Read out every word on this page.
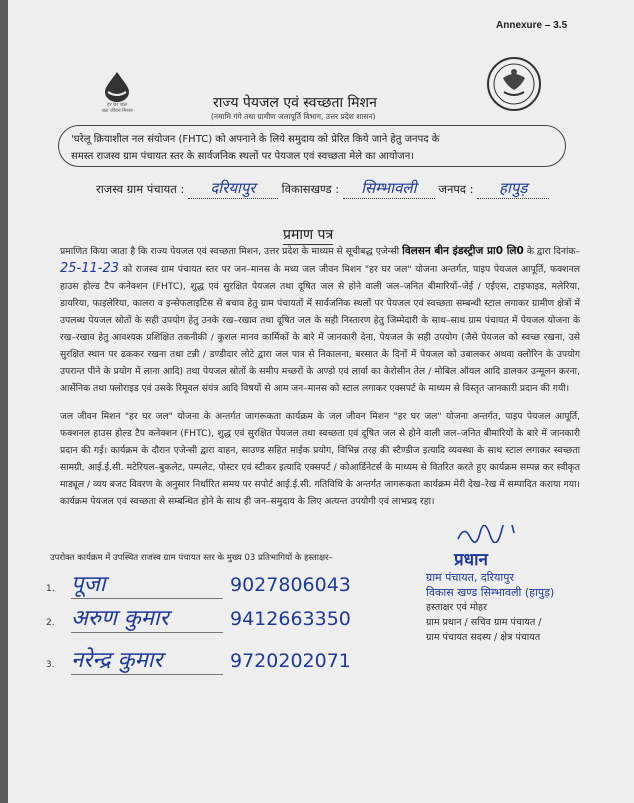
Annexure – 3.5
हर घर जल
जल जीवन मिशन	राज्य पेयजल एवं स्वच्छता मिशन
(नमामि गंगे तथा ग्रामीण जलापूर्ति विभाग, उत्तर प्रदेश शासन)
'घरेलू क्रियाशील नल संयोजन (FHTC) को अपनाने के लिये समुदाय को प्रेरित किये जाने हेतु जनपद के
समस्त राजस्व ग्राम पंचायत स्तर के सार्वजनिक स्थलों पर पेयजल एवं स्वच्छता मेले का आयोजन।
राजस्व ग्राम पंचायत : दरियापुर विकासखण्ड : सिम्भावली जनपद : हापुड़
प्रमाण पत्र
प्रमाणित किया जाता है कि राज्य पेयजल एवं स्वच्छता मिशन, उत्तर प्रदेश के माध्यम से सूचीबद्ध एजेन्सी विलसन बीन इंडस्ट्रीज प्रा0 लि0 के द्वारा दिनांक– 25-11-23 को राजस्व ग्राम पंचायत स्तर पर जन–मानस के मध्य जल जीवन मिशन "हर घर जल" योजना अन्तर्गत, पाइप पेयजल आपूर्ति, फक्शनल हाउस होल्ड टैप कनेक्शन (FHTC), शुद्ध एवं सुरक्षित पेयजल तथा दूषित जल से होने वाली जल–जनित बीमारियों–जेई / एईएस, टाइफाइड, मलेरिया, डायरिया, फाइलेरिया, कालरा व इन्सेफलाइटिस से बचाव हेतु ग्राम पंचायतों में सार्वजनिक स्थलों पर पेयजल एवं स्वच्छता सम्बन्धी स्टाल लगाकर ग्रामीण क्षेत्रों में उपलब्ध पेयजल स्रोतों के सही उपयोग हेतु उनके रख–रखाव तथा दूषित जल के सही निस्तारण हेतु जिम्मेदारी के साथ–साथ ग्राम पंचायत में पेयजल योजना के रख–रखाव हेतु आवश्यक प्रशिक्षित तकनीकी / कुशल मानव कार्मिकों के बारे में जानकारी देना, पेयजल के सही उपयोग (जैसे पेयजल को स्वच्छ रखना, उसे सुरक्षित स्थान पर ढककर रखना तथा टन्नी / डण्डीदार लोटे द्वारा जल पात्र से निकालना, बरसात के दिनों में पेयजल को उबालकर अथवा क्लोरिन के उपयोग उपरान्त पीने के प्रयोग में लाना आदि) तथा पेयजल स्रोतों के समीप मच्छरों के अण्डो एवं लार्वा का केरोसीन तेल / मोबिल ऑयल आदि डालकर उन्मूलन करना, आर्सेनिक तथा फ्लोराइड एवं उसके रिमूवल संयंत्र आदि विषयों से आम जन–मानस को स्टाल लगाकर एक्सपर्ट के माध्यम से विस्तृत जानकारी प्रदान की गयी।
जल जीवन मिशन "हर घर जल" योजना के अन्तर्गत जागरूकता कार्यक्रम के जल जीवन मिशन "हर घर जल" योजना अन्तर्गत, पाइप पेयजल आपूर्ति, फक्शनल हाउस होल्ड टैप कनेक्शन (FHTC), शुद्ध एवं सुरक्षित पेयजल तथा स्वच्छता एवं दूषित जल से होने वाली जल–जनित बीमारियों के बारे में जानकारी प्रदान की गई। कार्यक्रम के दौरान एजेन्सी द्वारा वाहन, साउण्ड सहित माईक प्रयोग, विभिन्न तरह की स्टैण्डीज इत्यादि व्यवस्था के साथ स्टाल लगाकर स्वच्छता सामग्री, आई.ई.सी. मटेरियल–बुकलेट, पम्पलेट, पोस्टर एवं स्टीकर इत्यादि एक्सपर्ट / कोआर्डिनेटर्स के माध्यम से वितरित करते हुए कार्यक्रम सम्पन्न कर स्वीकृत माड्यूल / व्यय बजट विवरण के अनुसार निर्धारित समय पर सपोर्ट आई.ई.सी. गतिविधि के अन्तर्गत जागरूकता कार्यक्रम मेरी देख–रेख में सम्पादित कराया गया। कार्यक्रम पेयजल एवं स्वच्छता से सम्बन्धित होने के साथ ही जन–समुदाय के लिए अत्यन्त उपयोगी एवं लाभप्रद रहा।
उपरोक्त कार्यक्रम में उपस्थित राजस्व ग्राम पंचायत स्तर के मुख्य 03 प्रतिभागियों के हस्ताक्षर–
1. पूजा	9027806043
2. अरुण कुमार	9412663350
3. नरेन्द्र कुमार	9720202071
प्रधान
ग्राम पंचायत, दरियापुर
विकास खण्ड सिम्भावली (हापुड़)
हस्ताक्षर एवं मोहर
ग्राम प्रधान / सचिव ग्राम पंचायत /
ग्राम पंचायत सदस्य / क्षेत्र पंचायत
